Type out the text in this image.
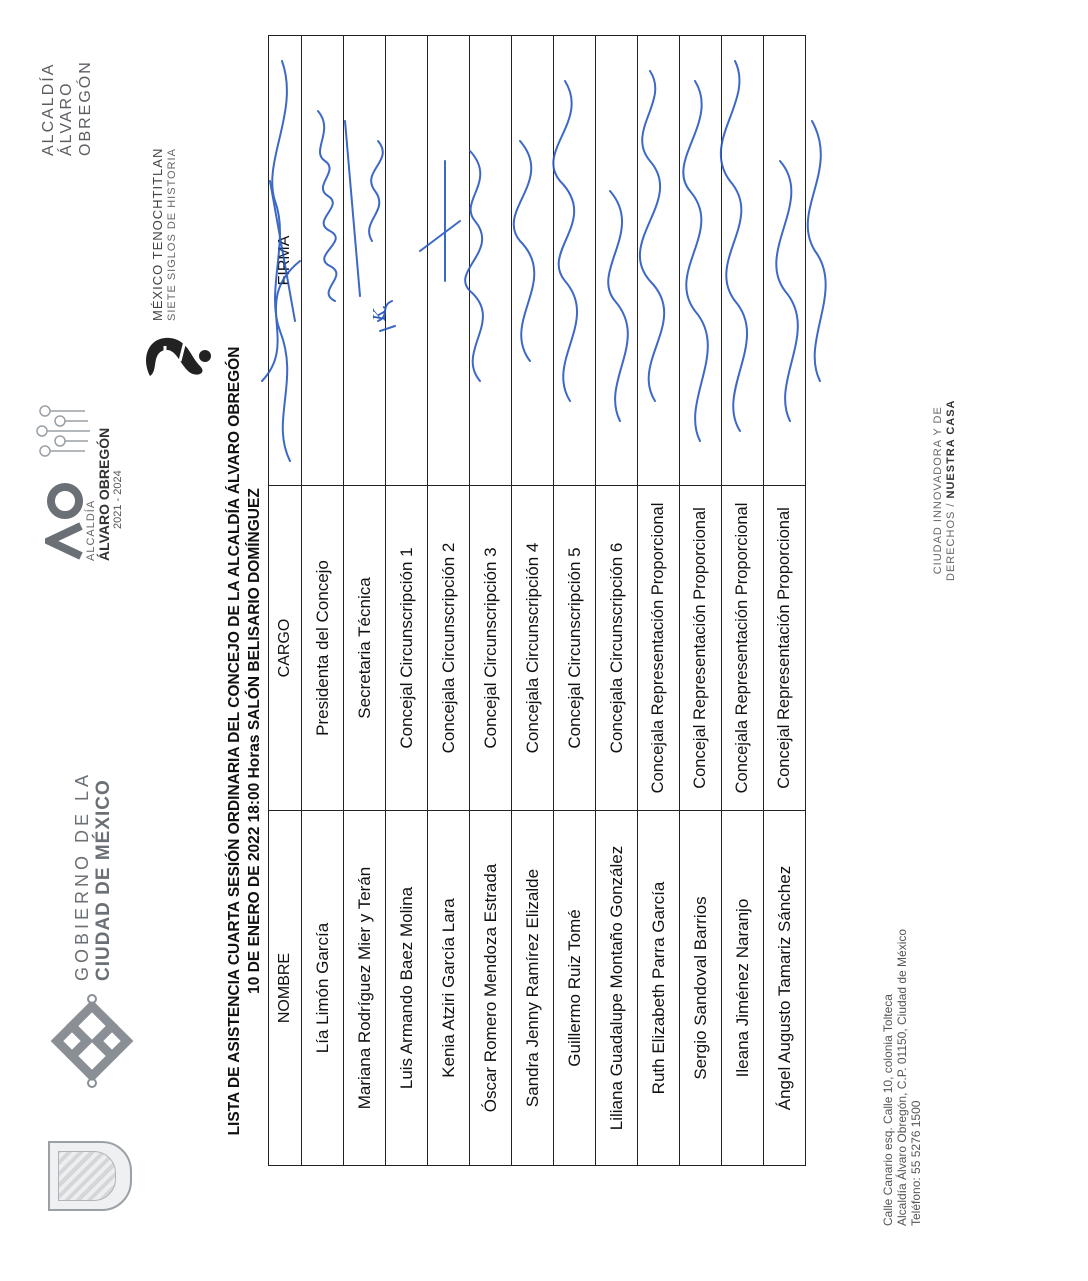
GOBIERNO DE LA CIUDAD DE MÉXICO
ALCALDÍA ÁLVARO OBREGÓN 2021 - 2024
MÉXICO TENOCHTITLAN SIETE SIGLOS DE HISTORIA
ALCALDÍA ÁLVARO OBREGÓN
LISTA DE ASISTENCIA CUARTA SESIÓN ORDINARIA DEL CONCEJO DE LA ALCALDÍA ÁLVARO OBREGÓN 10 DE ENERO DE 2022 18:00 Horas SALÓN BELISARIO DOMÍNGUEZ NOMBRE	CARGO	FIRMA
Lía Limón García	Presidenta del Concejo	
Mariana Rodríguez Mier y Terán	Secretaria Técnica	
Luis Armando Baez Molina	Concejal Circunscripción 1	
Kenia Atziri García Lara	Concejala Circunscripción 2	
Óscar Romero Mendoza Estrada	Concejal Circunscripción 3	
Sandra Jenny Ramírez Elizalde	Concejala Circunscripción 4	
Guillermo Ruiz Tomé	Concejal Circunscripción 5	
Liliana Guadalupe Montaño González	Concejala Circunscripción 6	
Ruth Elizabeth Parra García	Concejala Representación Proporcional	
Sergio Sandoval Barrios	Concejal Representación Proporcional	
Ileana Jiménez Naranjo	Concejala Representación Proporcional	
Ángel Augusto Tamariz Sánchez	Concejal Representación Proporcional	
K.
Calle Canario esq. Calle 10, colonia Tolteca Alcaldía Álvaro Obregón, C.P. 01150, Ciudad de México Teléfono: 55 5276 1500
CIUDAD INNOVADORA Y DE DERECHOS / NUESTRA CASA
